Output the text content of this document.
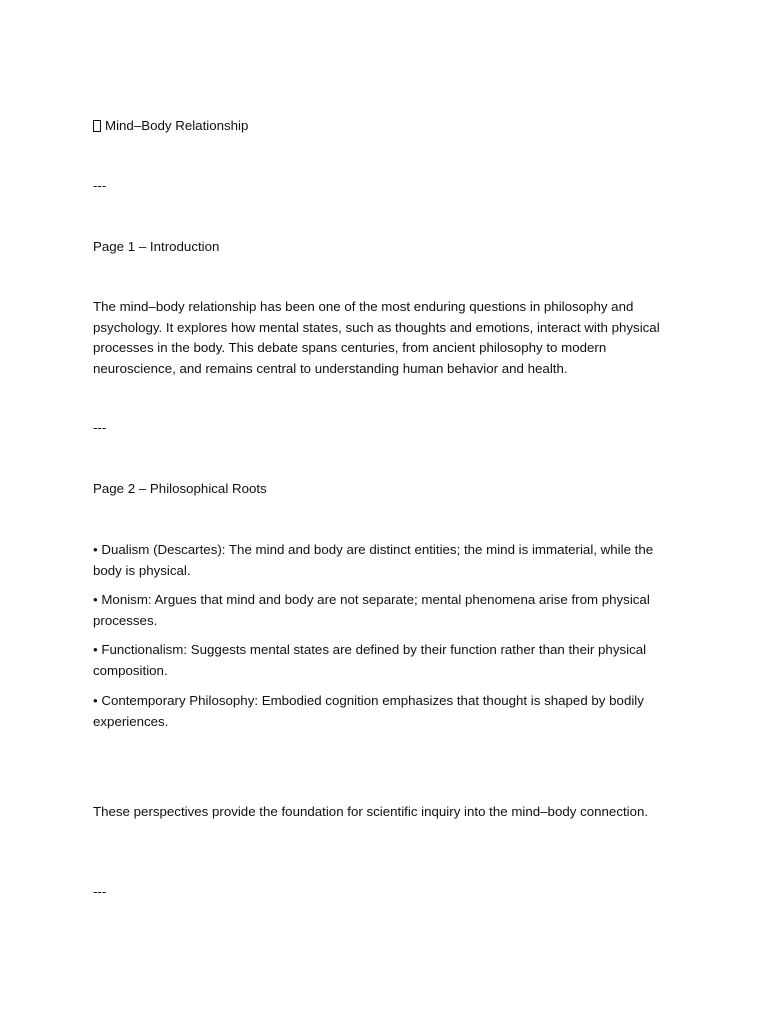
Mind–Body Relationship

---

Page 1 – Introduction

The mind–body relationship has been one of the most enduring questions in philosophy and psychology. It explores how mental states, such as thoughts and emotions, interact with physical processes in the body. This debate spans centuries, from ancient philosophy to modern neuroscience, and remains central to understanding human behavior and health.

---

Page 2 – Philosophical Roots

• Dualism (Descartes): The mind and body are distinct entities; the mind is immaterial, while the body is physical.

• Monism: Argues that mind and body are not separate; mental phenomena arise from physical processes.

• Functionalism: Suggests mental states are defined by their function rather than their physical composition.

• Contemporary Philosophy: Embodied cognition emphasizes that thought is shaped by bodily experiences.

These perspectives provide the foundation for scientific inquiry into the mind–body connection.

---
